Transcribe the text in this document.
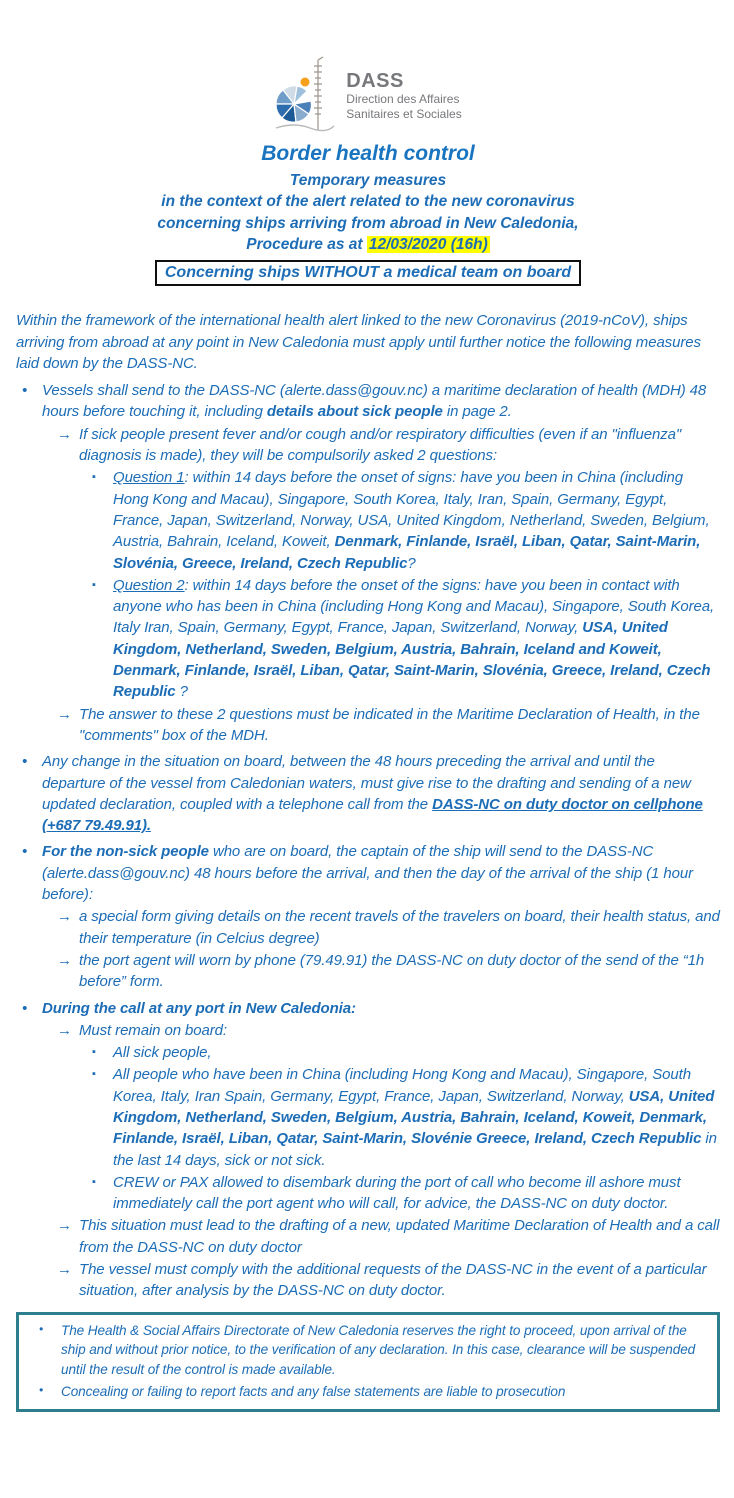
DASS
Direction des Affaires
Sanitaires et Sociales
Border health control

Temporary measures

in the context of the alert related to the new coronavirus

concerning ships arriving from abroad in New Caledonia,

Procedure as at 12/03/2020 (16h)

Concerning ships WITHOUT a medical team on board

Within the framework of the international health alert linked to the new Coronavirus (2019-nCoV), ships arriving from abroad at any point in New Caledonia must apply until further notice the following measures laid down by the DASS-NC.

• Vessels shall send to the DASS-NC (alerte.dass@gouv.nc) a maritime declaration of health (MDH) 48 hours before touching it, including details about sick people in page 2.
→ If sick people present fever and/or cough and/or respiratory difficulties (even if an "influenza" diagnosis is made), they will be compulsorily asked 2 questions:
▪	Question 1: within 14 days before the onset of signs: have you been in China (including Hong Kong and Macau), Singapore, South Korea, Italy, Iran, Spain, Germany, Egypt, France, Japan, Switzerland, Norway, USA, United Kingdom, Netherland, Sweden, Belgium, Austria, Bahrain, Iceland, Koweit, Denmark, Finlande, Israël, Liban, Qatar, Saint-Marin, Slovénia, Greece, Ireland, Czech Republic?
▪	Question 2: within 14 days before the onset of the signs: have you been in contact with anyone who has been in China (including Hong Kong and Macau), Singapore, South Korea, Italy Iran, Spain, Germany, Egypt, France, Japan, Switzerland, Norway, USA, United Kingdom, Netherland, Sweden, Belgium, Austria, Bahrain, Iceland and Koweit, Denmark, Finlande, Israël, Liban, Qatar, Saint-Marin, Slovénia, Greece, Ireland, Czech Republic ?
→ The answer to these 2 questions must be indicated in the Maritime Declaration of Health, in the "comments" box of the MDH.
• Any change in the situation on board, between the 48 hours preceding the arrival and until the departure of the vessel from Caledonian waters, must give rise to the drafting and sending of a new updated declaration, coupled with a telephone call from the DASS-NC on duty doctor on cellphone (+687 79.49.91).
• For the non-sick people who are on board, the captain of the ship will send to the DASS-NC (alerte.dass@gouv.nc) 48 hours before the arrival, and then the day of the arrival of the ship (1 hour before):
→ a special form giving details on the recent travels of the travelers on board, their health status, and their temperature (in Celcius degree)
→ the port agent will worn by phone (79.49.91) the DASS-NC on duty doctor of the send of the “1h before” form.
• During the call at any port in New Caledonia:
→ Must remain on board:
▪	All sick people,
▪	All people who have been in China (including Hong Kong and Macau), Singapore, South Korea, Italy, Iran Spain, Germany, Egypt, France, Japan, Switzerland, Norway, USA, United Kingdom, Netherland, Sweden, Belgium, Austria, Bahrain, Iceland, Koweit, Denmark, Finlande, Israël, Liban, Qatar, Saint-Marin, Slovénie Greece, Ireland, Czech Republic in the last 14 days, sick or not sick.
▪	CREW or PAX allowed to disembark during the port of call who become ill ashore must immediately call the port agent who will call, for advice, the DASS-NC on duty doctor.
→ This situation must lead to the drafting of a new, updated Maritime Declaration of Health and a call from the DASS-NC on duty doctor
→ The vessel must comply with the additional requests of the DASS-NC in the event of a particular situation, after analysis by the DASS-NC on duty doctor.
•	The Health & Social Affairs Directorate of New Caledonia reserves the right to proceed, upon arrival of the ship and without prior notice, to the verification of any declaration. In this case, clearance will be suspended until the result of the control is made available.
•	Concealing or failing to report facts and any false statements are liable to prosecution
